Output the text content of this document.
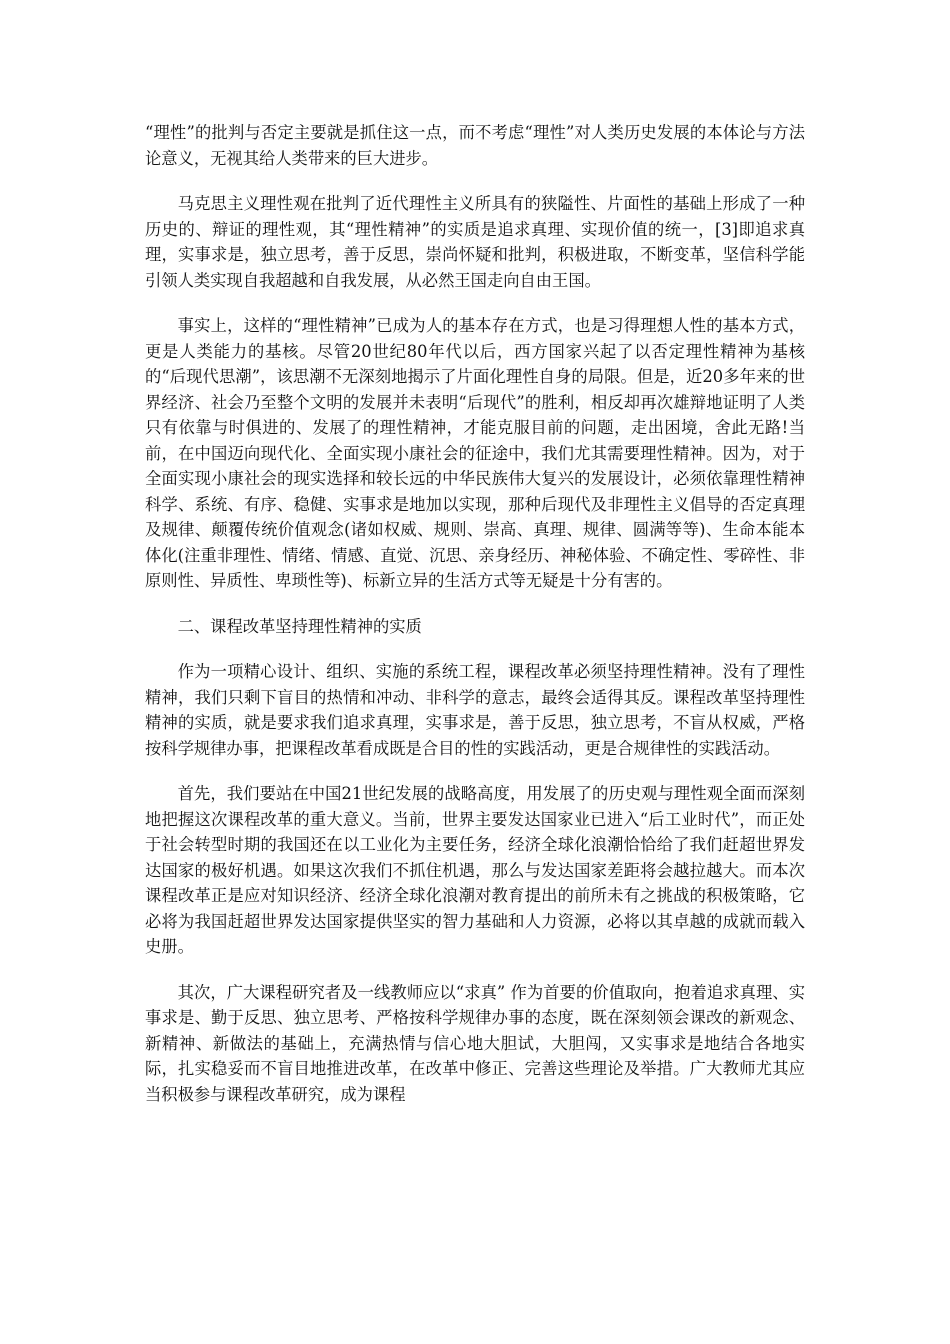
“理性”的批判与否定主要就是抓住这一点，而不考虑“理性”对人类历史发展的本体论与方法论意义，无视其给人类带来的巨大进步。

马克思主义理性观在批判了近代理性主义所具有的狭隘性、片面性的基础上形成了一种历史的、辩证的理性观，其“理性精神”的实质是追求真理、实现价值的统一，[3]即追求真理，实事求是，独立思考，善于反思，崇尚怀疑和批判，积极进取，不断变革，坚信科学能引领人类实现自我超越和自我发展，从必然王国走向自由王国。

事实上，这样的“理性精神”已成为人的基本存在方式，也是习得理想人性的基本方式，更是人类能力的基核。尽管20世纪80年代以后，西方国家兴起了以否定理性精神为基核的“后现代思潮”，该思潮不无深刻地揭示了片面化理性自身的局限。但是，近20多年来的世界经济、社会乃至整个文明的发展并未表明“后现代”的胜利，相反却再次雄辩地证明了人类只有依靠与时俱进的、发展了的理性精神，才能克服目前的问题，走出困境，舍此无路!当前，在中国迈向现代化、全面实现小康社会的征途中，我们尤其需要理性精神。因为，对于全面实现小康社会的现实选择和较长远的中华民族伟大复兴的发展设计，必须依靠理性精神科学、系统、有序、稳健、实事求是地加以实现，那种后现代及非理性主义倡导的否定真理及规律、颠覆传统价值观念(诸如权威、规则、崇高、真理、规律、圆满等等)、生命本能本体化(注重非理性、情绪、情感、直觉、沉思、亲身经历、神秘体验、不确定性、零碎性、非原则性、异质性、卑琐性等)、标新立异的生活方式等无疑是十分有害的。

二、课程改革坚持理性精神的实质

作为一项精心设计、组织、实施的系统工程，课程改革必须坚持理性精神。没有了理性精神，我们只剩下盲目的热情和冲动、非科学的意志，最终会适得其反。课程改革坚持理性精神的实质，就是要求我们追求真理，实事求是，善于反思，独立思考，不盲从权威，严格按科学规律办事，把课程改革看成既是合目的性的实践活动，更是合规律性的实践活动。

首先，我们要站在中国21世纪发展的战略高度，用发展了的历史观与理性观全面而深刻地把握这次课程改革的重大意义。当前，世界主要发达国家业已进入“后工业时代”，而正处于社会转型时期的我国还在以工业化为主要任务，经济全球化浪潮恰恰给了我们赶超世界发达国家的极好机遇。如果这次我们不抓住机遇，那么与发达国家差距将会越拉越大。而本次课程改革正是应对知识经济、经济全球化浪潮对教育提出的前所未有之挑战的积极策略，它必将为我国赶超世界发达国家提供坚实的智力基础和人力资源，必将以其卓越的成就而载入史册。

其次，广大课程研究者及一线教师应以“求真” 作为首要的价值取向，抱着追求真理、实事求是、勤于反思、独立思考、严格按科学规律办事的态度，既在深刻领会课改的新观念、新精神、新做法的基础上，充满热情与信心地大胆试，大胆闯，又实事求是地结合各地实际，扎实稳妥而不盲目地推进改革，在改革中修正、完善这些理论及举措。广大教师尤其应当积极参与课程改革研究，成为课程
